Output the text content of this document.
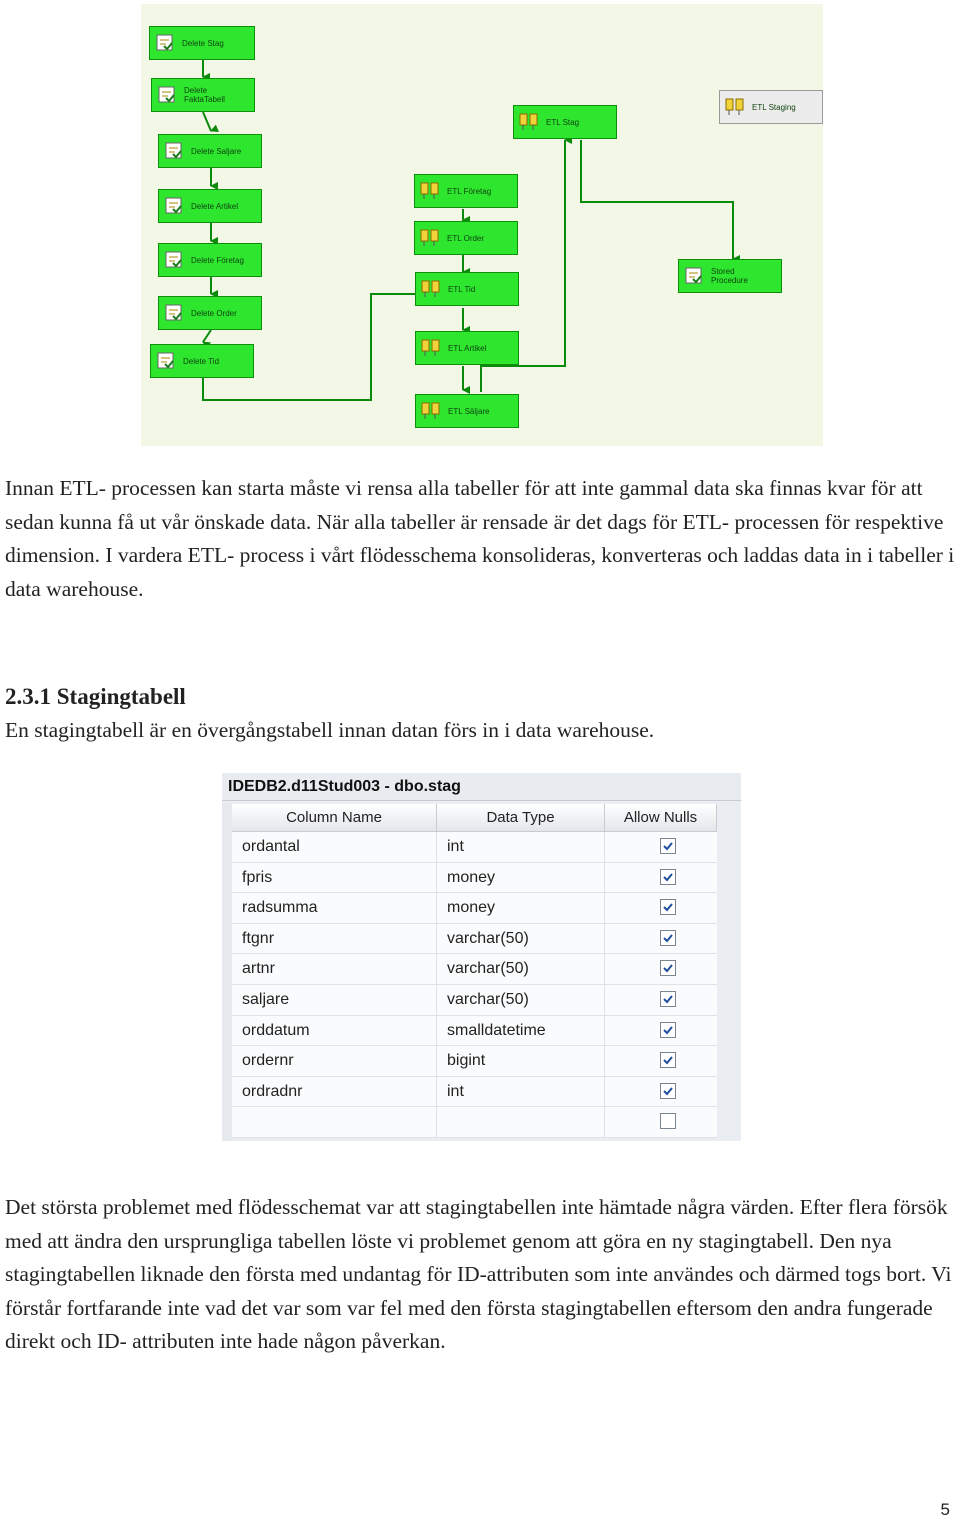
Delete Stag
Delete
FaktaTabell
Delete Saljare
Delete Artikel
Delete Företag
Delete Order
Delete Tid
ETL Företag
ETL Order
ETL Tid
ETL Artikel
ETL Säljare
ETL Stag
Stored
Procedure
ETL Staging

Innan ETL- processen kan starta måste vi rensa alla tabeller för att inte gammal data ska finnas kvar för att sedan kunna få ut vår önskade data. När alla tabeller är rensade är det dags för ETL- processen för respektive dimension. I vardera ETL- process i vårt flödesschema konsolideras, konverteras och laddas data in i tabeller i data warehouse.

2.3.1 Stagingtabell

En stagingtabell är en övergångstabell innan datan förs in i data warehouse.

IDEDB2.d11Stud003 - dbo.stag
Column Name	Data Type	Allow Nulls
ordantal	int
fpris	money
radsumma	money
ftgnr	varchar(50)
artnr	varchar(50)
saljare	varchar(50)
orddatum	smalldatetime
ordernr	bigint
ordradnr	int

Det största problemet med flödesschemat var att stagingtabellen inte hämtade några värden. Efter flera försök med att ändra den ursprungliga tabellen löste vi problemet genom att göra en ny stagingtabell. Den nya stagingtabellen liknade den första med undantag för ID-attributen som inte användes och därmed togs bort. Vi förstår fortfarande inte vad det var som var fel med den första stagingtabellen eftersom den andra fungerade direkt och ID- attributen inte hade någon påverkan.

5
